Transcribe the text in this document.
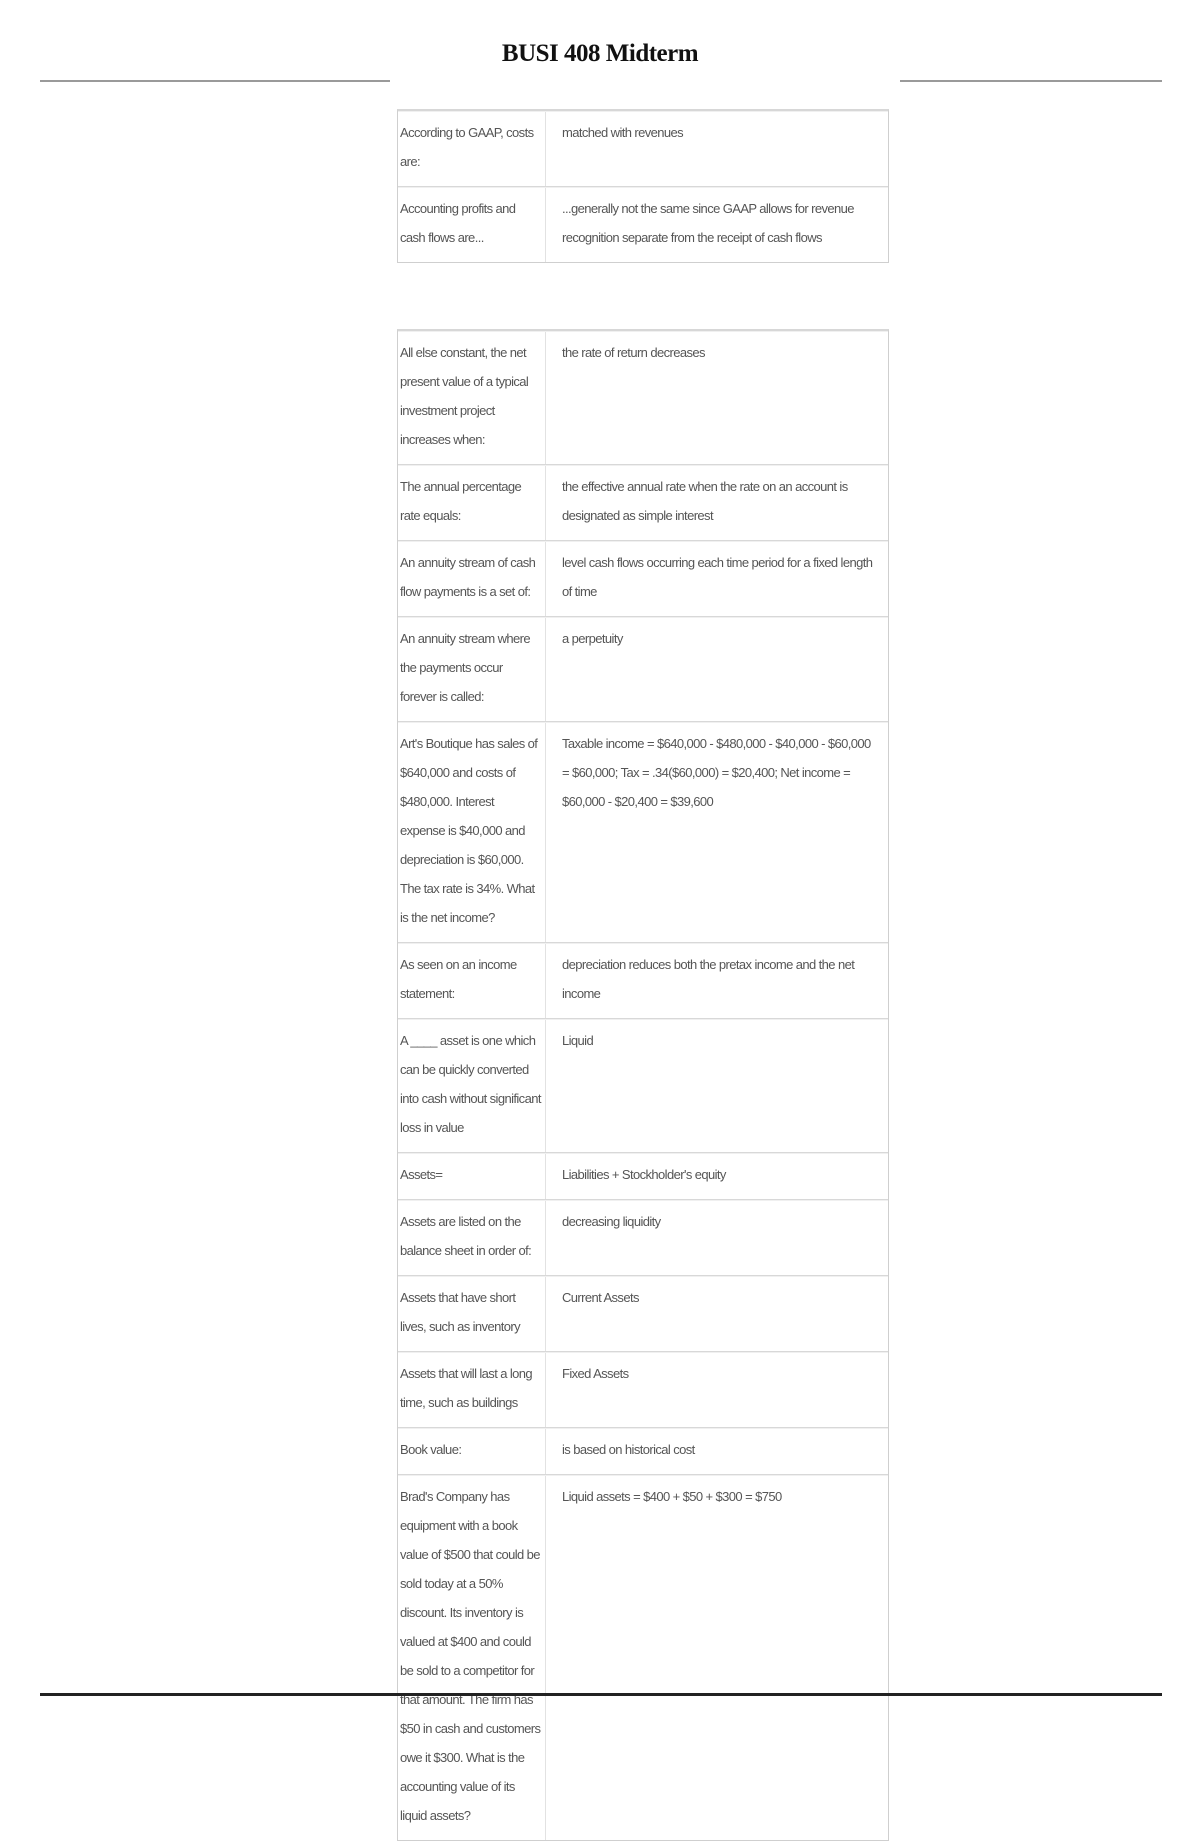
BUSI 408 Midterm
According to GAAP, costs are:
matched with revenues
Accounting profits and cash flows are...
...generally not the same since GAAP allows for revenue recognition separate from the receipt of cash flows
All else constant, the net present value of a typical investment project increases when:
the rate of return decreases
The annual percentage rate equals:
the effective annual rate when the rate on an account is designated as simple interest
An annuity stream of cash flow payments is a set of:
level cash flows occurring each time period for a fixed length of time
An annuity stream where the payments occur forever is called:
a perpetuity
Art's Boutique has sales of $640,000 and costs of $480,000. Interest expense is $40,000 and depreciation is $60,000. The tax rate is 34%. What is the net income?
Taxable income = $640,000 - $480,000 - $40,000 - $60,000 = $60,000; Tax = .34($60,000) = $20,400; Net income = $60,000 - $20,400 = $39,600
As seen on an income statement:
depreciation reduces both the pretax income and the net income
A ____ asset is one which can be quickly converted into cash without significant loss in value
Liquid
Assets=	Liabilities + Stockholder's equity
Assets are listed on the balance sheet in order of:
decreasing liquidity
Assets that have short lives, such as inventory
Current Assets
Assets that will last a long time, such as buildings
Fixed Assets
Book value:	is based on historical cost
Brad's Company has equipment with a book value of $500 that could be sold today at a 50% discount. Its inventory is valued at $400 and could be sold to a competitor for that amount. The firm has $50 in cash and customers owe it $300. What is the accounting value of its liquid assets?
Liquid assets = $400 + $50 + $300 = $750
